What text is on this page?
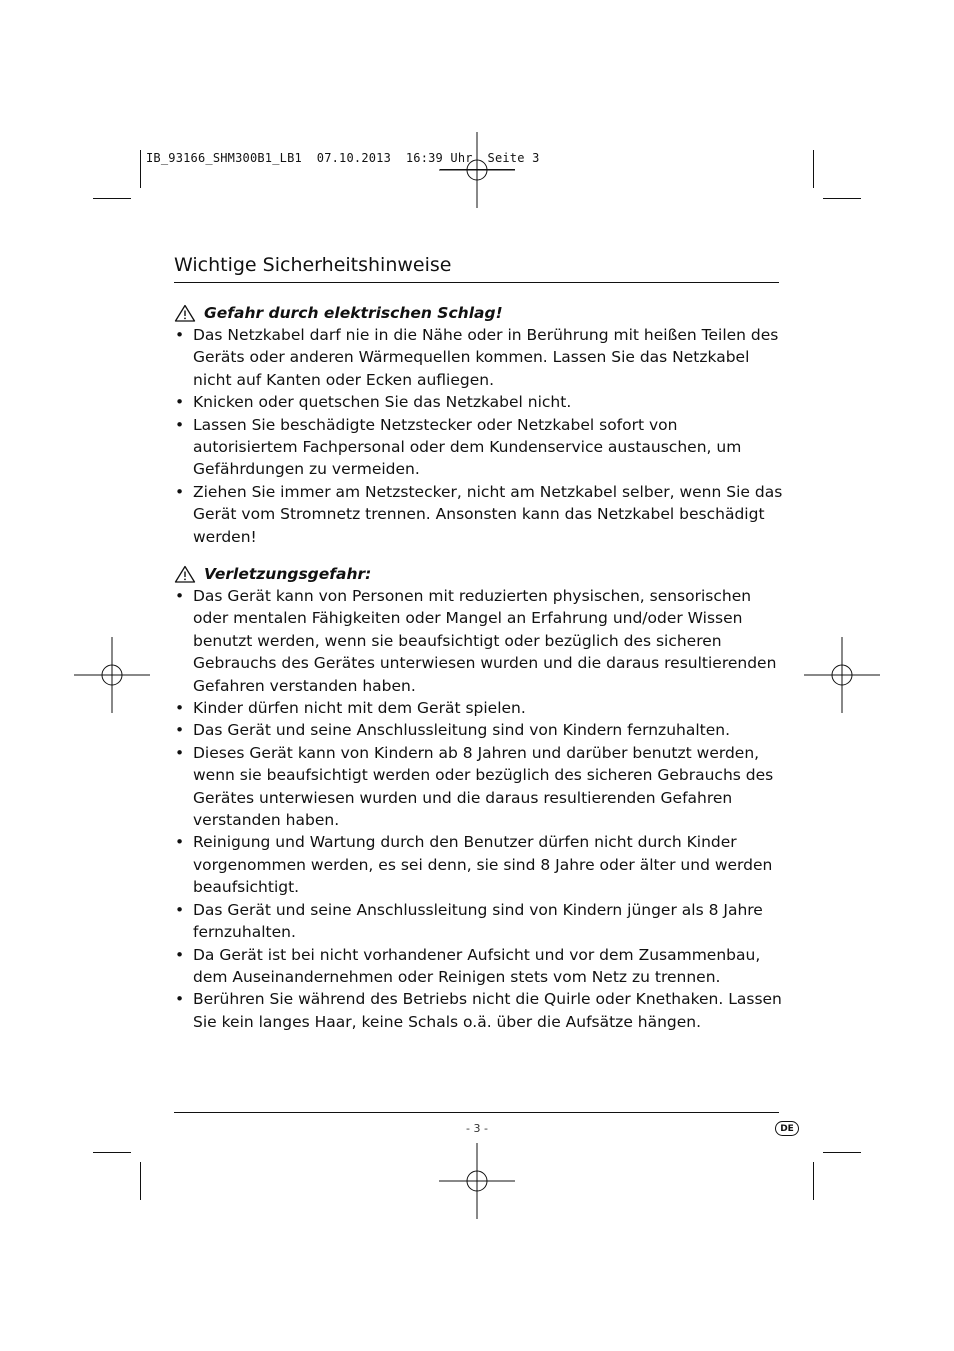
IB_93166_SHM300B1_LB1  07.10.2013  16:39 Uhr  Seite 3
Wichtige Sicherheitshinweise
Gefahr durch elektrischen Schlag!
• Das Netzkabel darf nie in die Nähe oder in Berührung mit heißen Teilen des Geräts oder anderen Wärmequellen kommen. Lassen Sie das Netzkabel nicht auf Kanten oder Ecken aufliegen.
• Knicken oder quetschen Sie das Netzkabel nicht.
• Lassen Sie beschädigte Netzstecker oder Netzkabel sofort von autorisiertem Fachpersonal oder dem Kundenservice austauschen, um Gefährdungen zu vermeiden.
• Ziehen Sie immer am Netzstecker, nicht am Netzkabel selber, wenn Sie das Gerät vom Stromnetz trennen. Ansonsten kann das Netzkabel beschädigt werden!
Verletzungsgefahr:
• Das Gerät kann von Personen mit reduzierten physischen, sensorischen oder mentalen Fähigkeiten oder Mangel an Erfahrung und/oder Wissen benutzt werden, wenn sie beaufsichtigt oder bezüglich des sicheren Gebrauchs des Gerätes unterwiesen wurden und die daraus resultierenden Gefahren verstanden haben.
• Kinder dürfen nicht mit dem Gerät spielen.
• Das Gerät und seine Anschlussleitung sind von Kindern fernzuhalten.
• Dieses Gerät kann von Kindern ab 8 Jahren und darüber benutzt werden, wenn sie beaufsichtigt werden oder bezüglich des sicheren Gebrauchs des Gerätes unterwiesen wurden und die daraus resultierenden Gefahren verstanden haben.
• Reinigung und Wartung durch den Benutzer dürfen nicht durch Kinder vorgenommen werden, es sei denn, sie sind 8 Jahre oder älter und werden beaufsichtigt.
• Das Gerät und seine Anschlussleitung sind von Kindern jünger als 8 Jahre fernzuhalten.
• Da Gerät ist bei nicht vorhandener Aufsicht und vor dem Zusammenbau, dem Auseinandernehmen oder Reinigen stets vom Netz zu trennen.
• Berühren Sie während des Betriebs nicht die Quirle oder Knethaken. Lassen Sie kein langes Haar, keine Schals o.ä. über die Aufsätze hängen.
- 3 -	DE
